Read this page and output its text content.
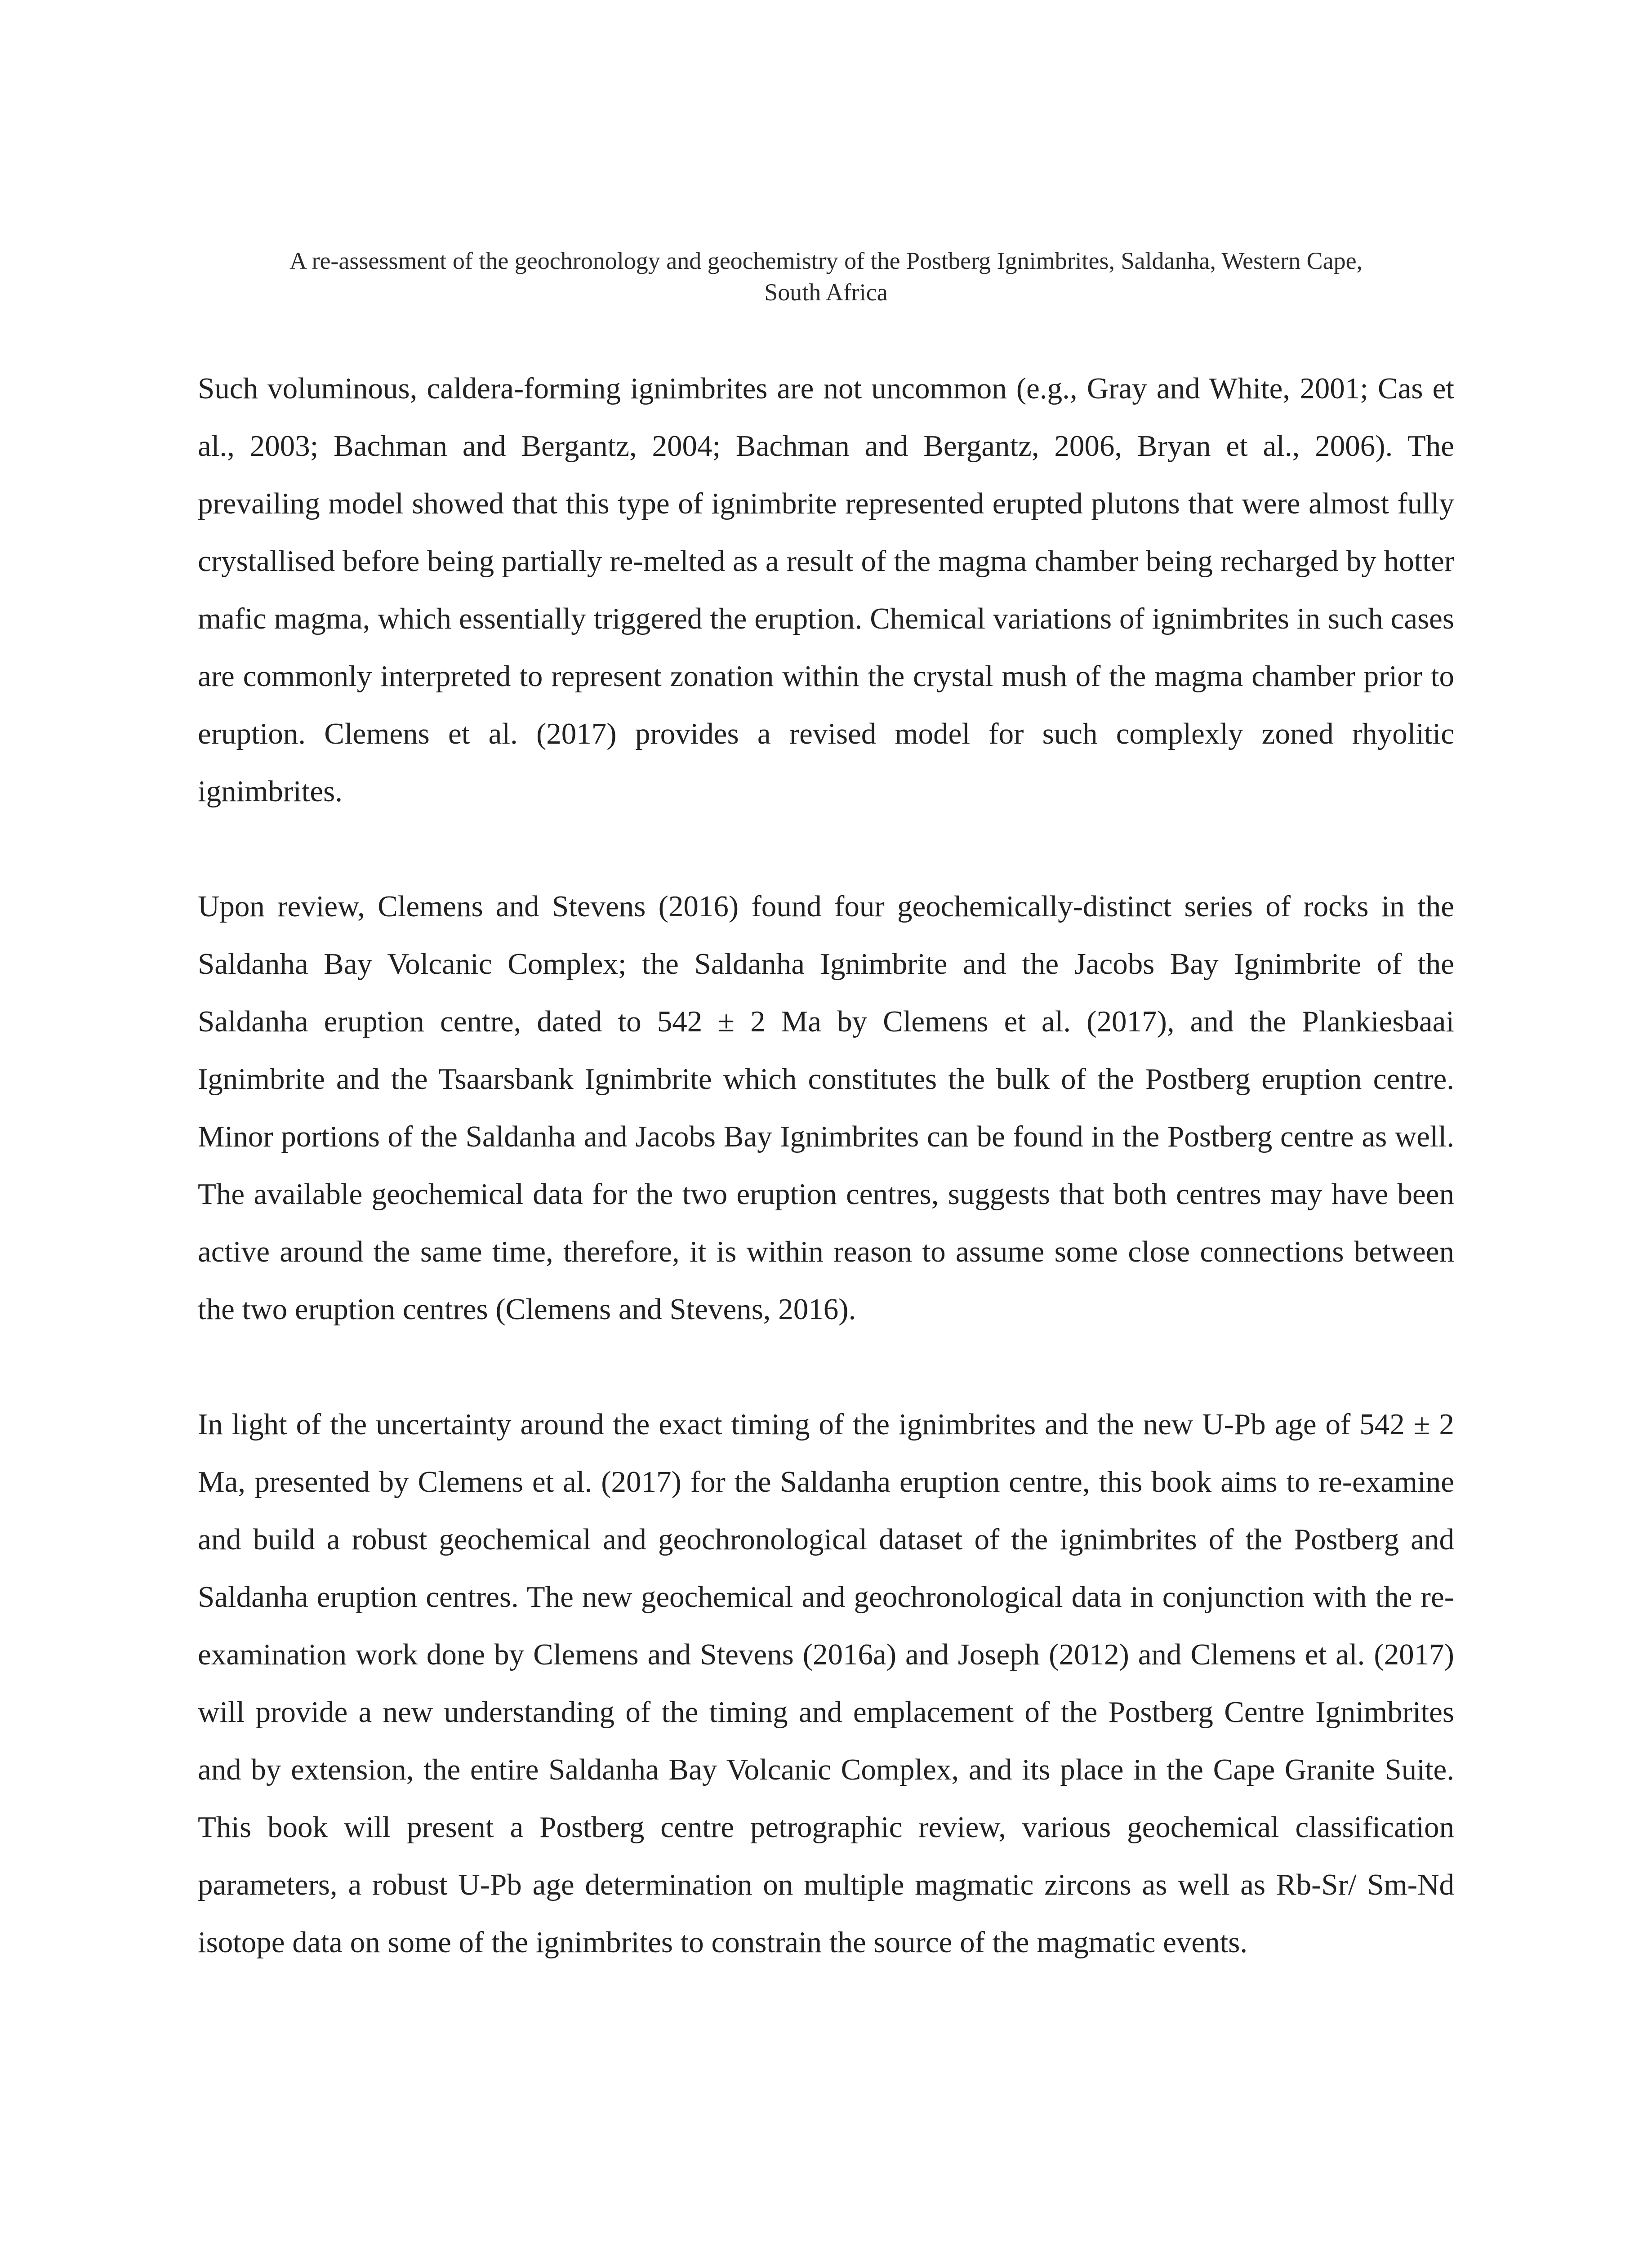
A re-assessment of the geochronology and geochemistry of the Postberg Ignimbrites, Saldanha, Western Cape,
South Africa

Such voluminous, caldera-forming ignimbrites are not uncommon (e.g., Gray and White, 2001; Cas et al., 2003; Bachman and Bergantz, 2004; Bachman and Bergantz, 2006, Bryan et al., 2006). The prevailing model showed that this type of ignimbrite represented erupted plutons that were almost fully crystallised before being partially re-melted as a result of the magma chamber being recharged by hotter mafic magma, which essentially triggered the eruption. Chemical variations of ignimbrites in such cases are commonly interpreted to represent zonation within the crystal mush of the magma chamber prior to eruption. Clemens et al. (2017) provides a revised model for such complexly zoned rhyolitic ignimbrites.

Upon review, Clemens and Stevens (2016) found four geochemically-distinct series of rocks in the Saldanha Bay Volcanic Complex; the Saldanha Ignimbrite and the Jacobs Bay Ignimbrite of the Saldanha eruption centre, dated to 542 ± 2 Ma by Clemens et al. (2017), and the Plankiesbaai Ignimbrite and the Tsaarsbank Ignimbrite which constitutes the bulk of the Postberg eruption centre. Minor portions of the Saldanha and Jacobs Bay Ignimbrites can be found in the Postberg centre as well. The available geochemical data for the two eruption centres, suggests that both centres may have been active around the same time, therefore, it is within reason to assume some close connections between the two eruption centres (Clemens and Stevens, 2016).

In light of the uncertainty around the exact timing of the ignimbrites and the new U-Pb age of 542 ± 2 Ma, presented by Clemens et al. (2017) for the Saldanha eruption centre, this book aims to re-examine and build a robust geochemical and geochronological dataset of the ignimbrites of the Postberg and Saldanha eruption centres. The new geochemical and geochronological data in conjunction with the re-examination work done by Clemens and Stevens (2016a) and Joseph (2012) and Clemens et al. (2017) will provide a new understanding of the timing and emplacement of the Postberg Centre Ignimbrites and by extension, the entire Saldanha Bay Volcanic Complex, and its place in the Cape Granite Suite. This book will present a Postberg centre petrographic review, various geochemical classification parameters, a robust U-Pb age determination on multiple magmatic zircons as well as Rb-Sr/ Sm-Nd isotope data on some of the ignimbrites to constrain the source of the magmatic events.
